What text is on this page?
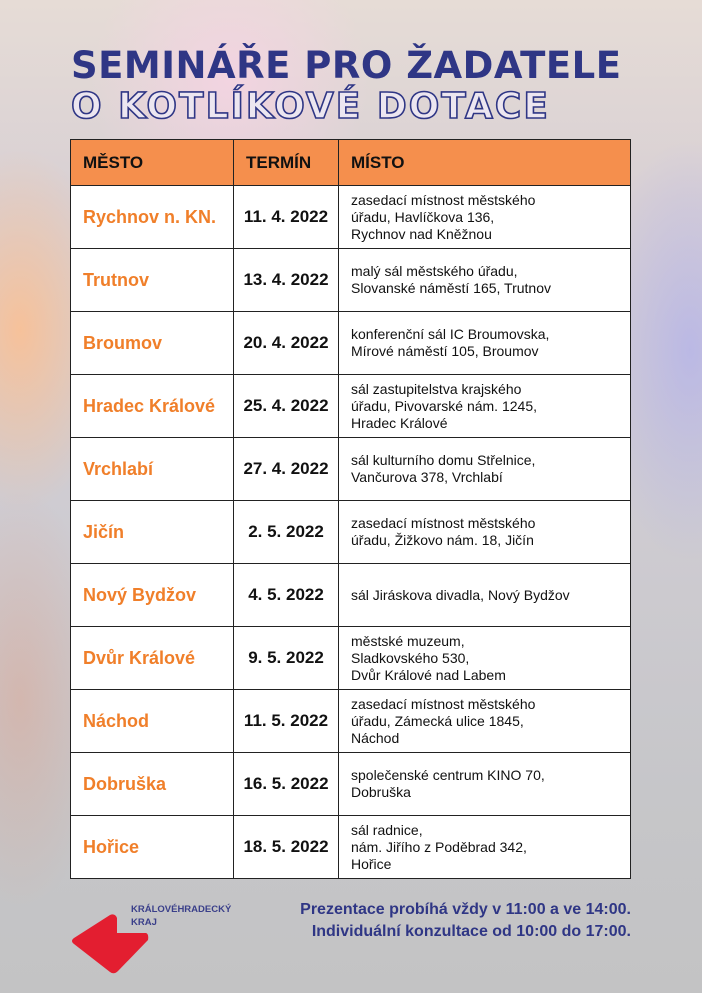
SEMINÁŘE PRO ŽADATELE
O KOTLÍKOVÉ DOTACE
MĚSTO	TERMÍN	MÍSTO
Rychnov n. KN.	11. 4. 2022	zasedací místnost městského
úřadu, Havlíčkova 136,
Rychnov nad Kněžnou

Trutnov	13. 4. 2022	malý sál městského úřadu,
Slovanské náměstí 165, Trutnov

Broumov	20. 4. 2022	konferenční sál IC Broumovska,
Mírové náměstí 105, Broumov

Hradec Králové	25. 4. 2022	sál zastupitelstva krajského
úřadu, Pivovarské nám. 1245,
Hradec Králové

Vrchlabí	27. 4. 2022	sál kulturního domu Střelnice,
Vančurova 378, Vrchlabí

Jičín	2. 5. 2022	zasedací místnost městského
úřadu, Žižkovo nám. 18, Jičín

Nový Bydžov	4. 5. 2022	sál Jiráskova divadla, Nový Bydžov

Dvůr Králové	9. 5. 2022	městské muzeum,
Sladkovského 530,
Dvůr Králové nad Labem

Náchod	11. 5. 2022	zasedací místnost městského
úřadu, Zámecká ulice 1845,
Náchod

Dobruška	16. 5. 2022	společenské centrum KINO 70,
Dobruška

Hořice	18. 5. 2022	sál radnice,
nám. Jiřího z Poděbrad 342,
Hořice
KRÁLOVÉHRADECKÝ
KRAJ
Prezentace probíhá vždy v 11:00 a ve 14:00.
Individuální konzultace od 10:00 do 17:00.
